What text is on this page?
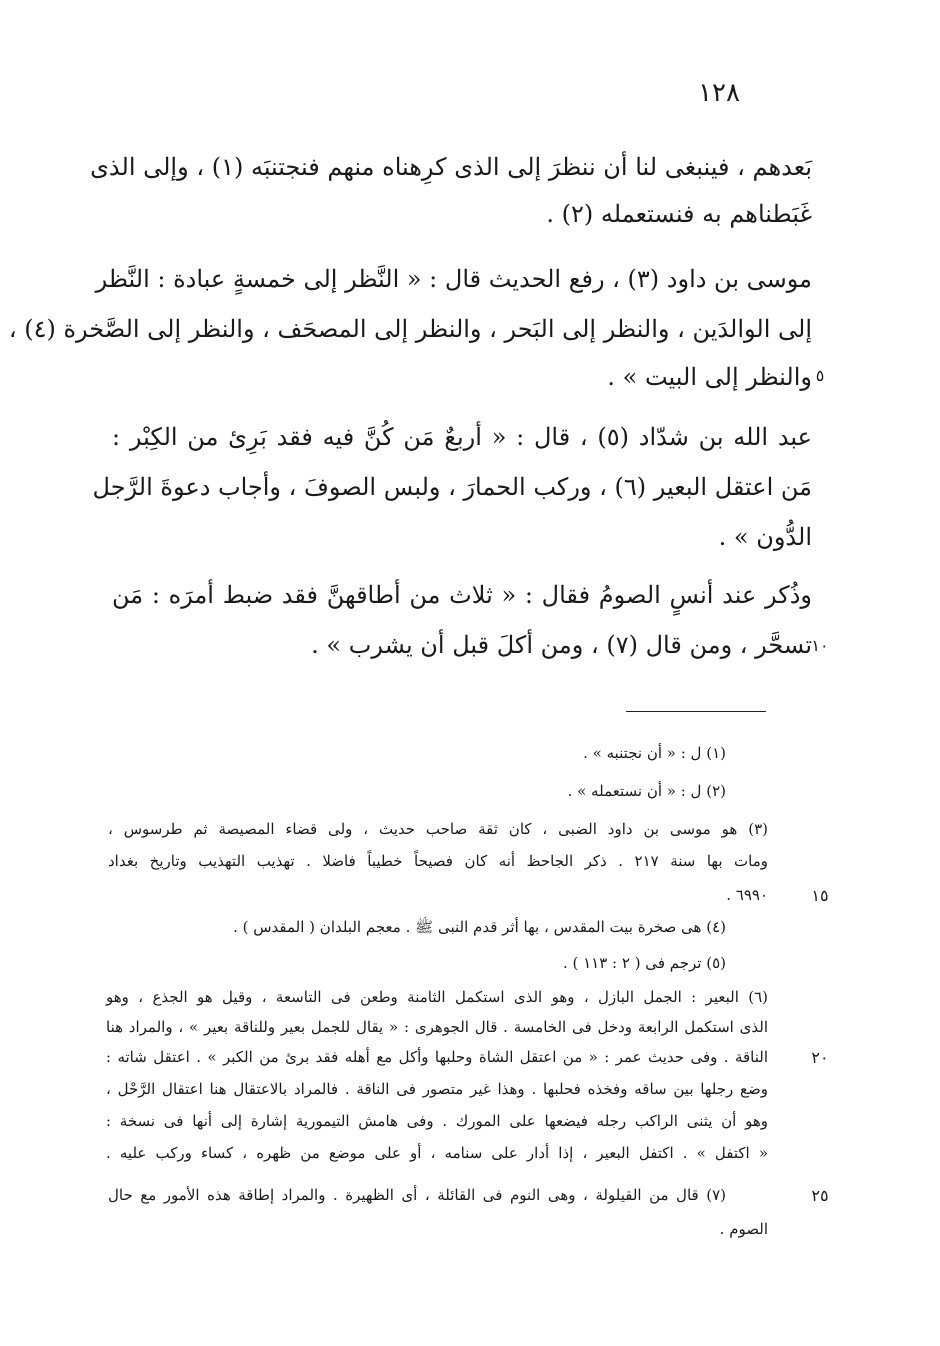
١٢٨
بَعدهم ، فينبغى لنا أن ننظرَ إلى الذى كرِهناه منهم فنجتنبَه (١) ، وإلى الذى
غَبَطناهم به فنستعمله (٢) .
موسى بن داود (٣) ، رفع الحديث قال : « النَّظر إلى خمسةٍ عبادة : النَّظر
إلى الوالدَين ، والنظر إلى البَحر ، والنظر إلى المصحَف ، والنظر إلى الصَّخرة (٤) ،
والنظر إلى البيت » .
عبد الله بن شدّاد (٥) ، قال : « أربعٌ مَن كُنَّ فيه فقد بَرِئ من الكِبْر :
مَن اعتقل البعير (٦) ، وركب الحمارَ ، ولبس الصوفَ ، وأجاب دعوةَ الرَّجل
الدُّون » .
وذُكر عند أنسٍ الصومُ فقال : « ثلاث من أطاقهنَّ فقد ضبط أمرَه : مَن
تسحَّر ، ومن قال (٧) ، ومن أكلَ قبل أن يشرب » .
(١) ل : « أن نجتنبه » .
(٢) ل : « أن نستعمله » .
(٣) هو موسى بن داود الضبى ، كان ثقة صاحب حديث ، ولى قضاء المصيصة ثم طرسوس ،
ومات بها سنة ٢١٧ . ذكر الجاحظ أنه كان فصيحاً خطيباً فاضلا . تهذيب التهذيب وتاريخ بغداد
٦٩٩٠ .
(٤) هى صخرة بيت المقدس ، بها أثر قدم النبى ﷺ . معجم البلدان ( المقدس ) .
(٥) ترجم فى ( ٢ : ١١٣ ) .
(٦) البعير : الجمل البازل ، وهو الذى استكمل الثامنة وطعن فى التاسعة ، وقيل هو الجذع ، وهو
الذى استكمل الرابعة ودخل فى الخامسة . قال الجوهرى : « يقال للجمل بعير وللناقة بعير » ، والمراد هنا
الناقة . وفى حديث عمر : « من اعتقل الشاة وحلبها وأكل مع أهله فقد برئ من الكبر » . اعتقل شاته :
وضع رجلها بين ساقه وفخذه فحلبها . وهذا غير متصور فى الناقة . فالمراد بالاعتقال هنا اعتقال الرَّحْل ،
وهو أن يثنى الراكب رجله فيضعها على المورك . وفى هامش التيمورية إشارة إلى أنها فى نسخة :
« اكتفل » . اكتفل البعير ، إذا أدار على سنامه ، أو على موضع من ظهره ، كساء وركب عليه .
(٧) قال من القيلولة ، وهى النوم فى القائلة ، أى الظهيرة . والمراد إطاقة هذه الأمور مع حال
الصوم .
٥
١٠
١٥
٢٠
٢٥
